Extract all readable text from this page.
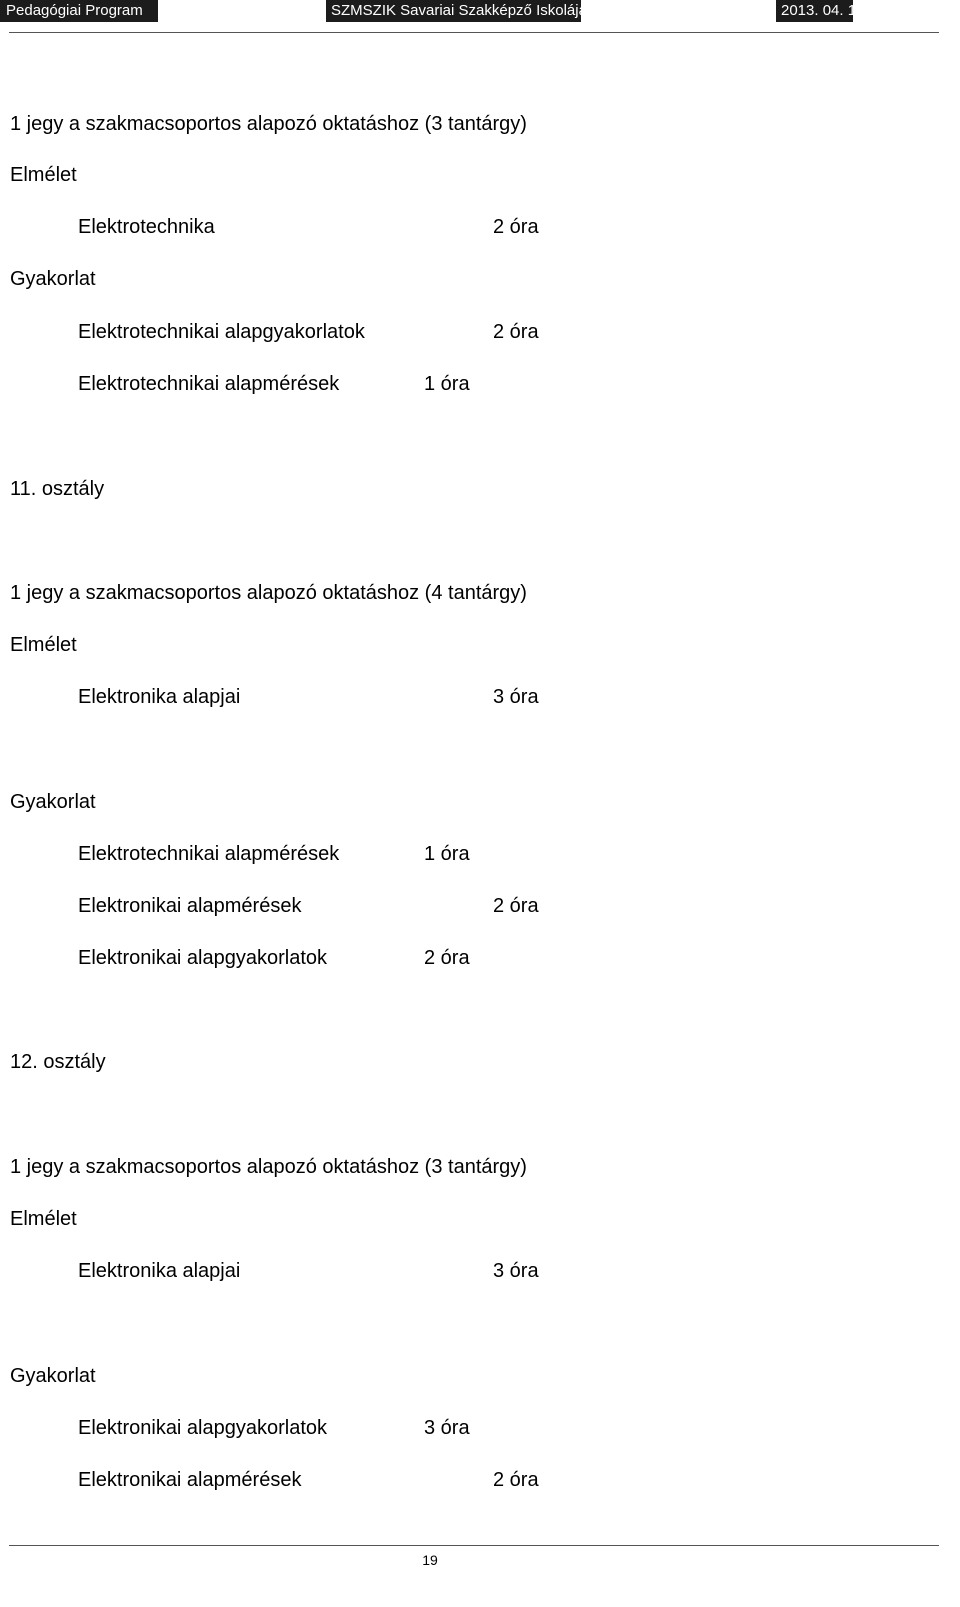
Pedagógiai Program	SZMSZIK Savariai Szakképző Iskolája	2013. 04. 15..
1 jegy a szakmacsoportos alapozó oktatáshoz (3 tantárgy)
Elmélet
Elektrotechnika	2 óra
Gyakorlat
Elektrotechnikai alapgyakorlatok	2 óra
Elektrotechnikai alapmérések	1 óra
11. osztály
1 jegy a szakmacsoportos alapozó oktatáshoz (4 tantárgy)
Elmélet
Elektronika alapjai	3 óra
Gyakorlat
Elektrotechnikai alapmérések	1 óra
Elektronikai alapmérések	2 óra
Elektronikai alapgyakorlatok	2 óra
12. osztály
1 jegy a szakmacsoportos alapozó oktatáshoz (3 tantárgy)
Elmélet
Elektronika alapjai	3 óra
Gyakorlat
Elektronikai alapgyakorlatok	3 óra
Elektronikai alapmérések	2 óra
19
